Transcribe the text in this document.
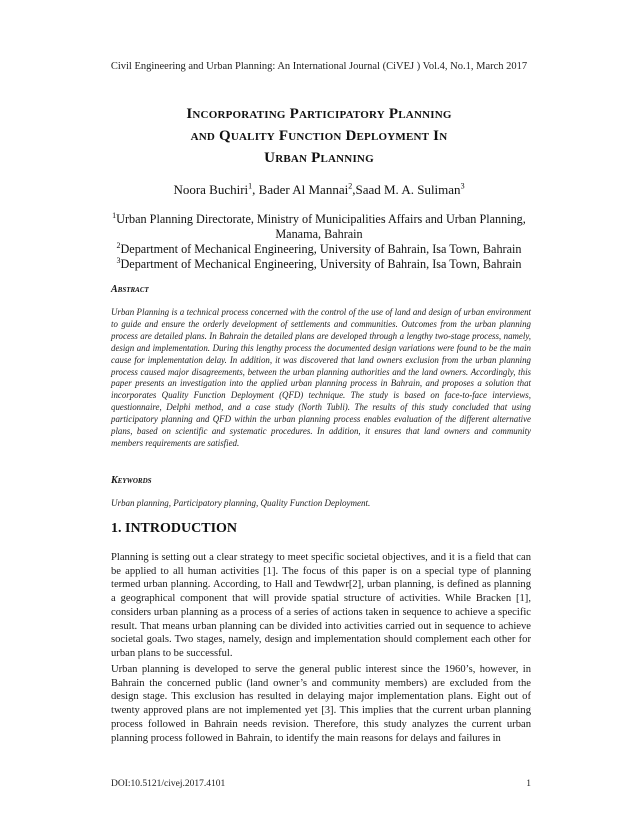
Civil Engineering and Urban Planning: An International Journal (CiVEJ ) Vol.4, No.1, March 2017
Incorporating Participatory Planning
and Quality Function Deployment In
Urban Planning
Noora Buchiri$^1$, Bader Al Mannai$^2$,Saad M. A. Suliman$^3$
$^1$Urban Planning Directorate, Ministry of Municipalities Affairs and Urban Planning, Manama, Bahrain
$^2$Department of Mechanical Engineering, University of Bahrain, Isa Town, Bahrain
$^3$Department of Mechanical Engineering, University of Bahrain, Isa Town, Bahrain
Abstract
Urban Planning is a technical process concerned with the control of the use of land and design of urban environment to guide and ensure the orderly development of settlements and communities. Outcomes from the urban planning process are detailed plans. In Bahrain the detailed plans are developed through a lengthy two-stage process, namely, design and implementation. During this lengthy process the documented design variations were found to be the main cause for implementation delay. In addition, it was discovered that land owners exclusion from the urban planning process caused major disagreements, between the urban planning authorities and the land owners. Accordingly, this paper presents an investigation into the applied urban planning process in Bahrain, and proposes a solution that incorporates Quality Function Deployment (QFD) technique. The study is based on face-to-face interviews, questionnaire, Delphi method, and a case study (North Tubli). The results of this study concluded that using participatory planning and QFD within the urban planning process enables evaluation of the different alternative plans, based on scientific and systematic procedures. In addition, it ensures that land owners and community members requirements are satisfied.
Keywords
Urban planning, Participatory planning, Quality Function Deployment.
1. INTRODUCTION
Planning is setting out a clear strategy to meet specific societal objectives, and it is a field that can be applied to all human activities [1]. The focus of this paper is on a special type of planning termed urban planning. According, to Hall and Tewdwr[2], urban planning, is defined as planning a geographical component that will provide spatial structure of activities. While Bracken [1], considers urban planning as a process of a series of actions taken in sequence to achieve a specific result. That means urban planning can be divided into activities carried out in sequence to achieve societal goals. Two stages, namely, design and implementation should complement each other for urban plans to be successful.
Urban planning is developed to serve the general public interest since the 1960’s, however, in Bahrain the concerned public (land owner’s and community members) are excluded from the design stage. This exclusion has resulted in delaying major implementation plans. Eight out of twenty approved plans are not implemented yet [3]. This implies that the current urban planning process followed in Bahrain needs revision. Therefore, this study analyzes the current urban planning process followed in Bahrain, to identify the main reasons for delays and failures in
DOI:10.5121/civej.2017.4101	1
